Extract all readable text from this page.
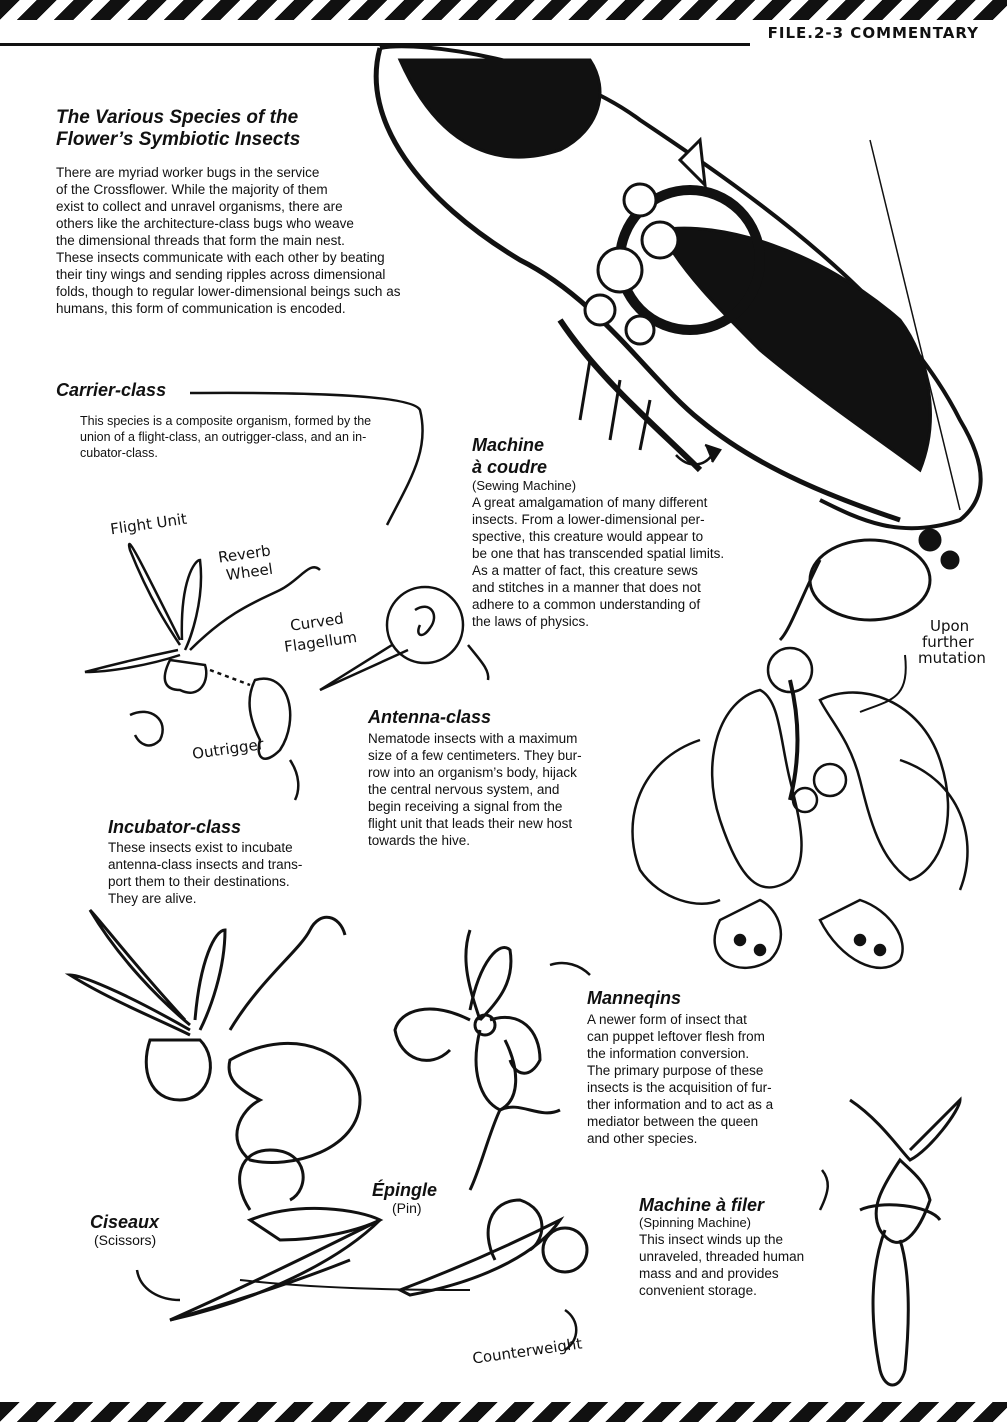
FILE.2-3 COMMENTARY
The Various Species of the
Flower’s Symbiotic Insects
There are myriad worker bugs in the service
of the Crossflower. While the majority of them
exist to collect and unravel organisms, there are
others like the architecture-class bugs who weave
the dimensional threads that form the main nest.
These insects communicate with each other by beating
their tiny wings and sending ripples across dimensional
folds, though to regular lower-dimensional beings such as
humans, this form of communication is encoded.
Carrier-class
This species is a composite organism, formed by the
union of a flight-class, an outrigger-class, and an in-
cubator-class.	Machine
à coudre
(Sewing Machine)
A great amalgamation of many different
insects. From a lower-dimensional per-
spective, this creature would appear to
be one that has transcended spatial limits.
As a matter of fact, this creature sews
and stitches in a manner that does not
adhere to a common understanding of
the laws of physics.
Flight Unit
Reverb
Wheel
Curved
Flagellum
Outrigger
Upon
further
mutation
Counterweight
Antenna-class
Nematode insects with a maximum
size of a few centimeters. They bur-
row into an organism’s body, hijack
the central nervous system, and
begin receiving a signal from the
flight unit that leads their new host
towards the hive.
Incubator-class
These insects exist to incubate
antenna-class insects and trans-
port them to their destinations.
They are alive.
Manneqins
A newer form of insect that
can puppet leftover flesh from
the information conversion.
The primary purpose of these
insects is the acquisition of fur-
ther information and to act as a
mediator between the queen
and other species.
Épingle
(Pin)
Ciseaux
(Scissors)
Machine à filer
(Spinning Machine)
This insect winds up the
unraveled, threaded human
mass and and provides
convenient storage.
